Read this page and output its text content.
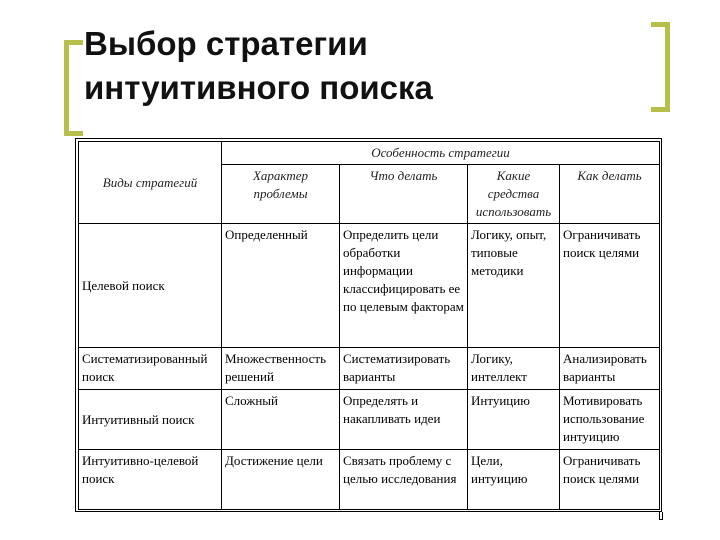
Выбор стратегии
интуитивного поиска
Виды стратегий	Особенность стратегии			
	Характер проблемы	Что делать	Какие средства использовать	Как делать
Целевой поиск	Определенный	Определить цели обработки информации классифицировать ее по целевым факторам	Логику, опыт, типовые методики	Ограничивать поиск целями
Систематизированный поиск	Множественность решений	Систематизировать варианты	Логику, интеллект	Анализировать варианты
Интуитивный поиск	Сложный	Определять и накапливать идеи	Интуицию	Мотивировать использование интуицию
Интуитивно-целевой поиск	Достижение цели	Связать проблему с целью исследования	Цели, интуицию	Ограничивать поиск целями
